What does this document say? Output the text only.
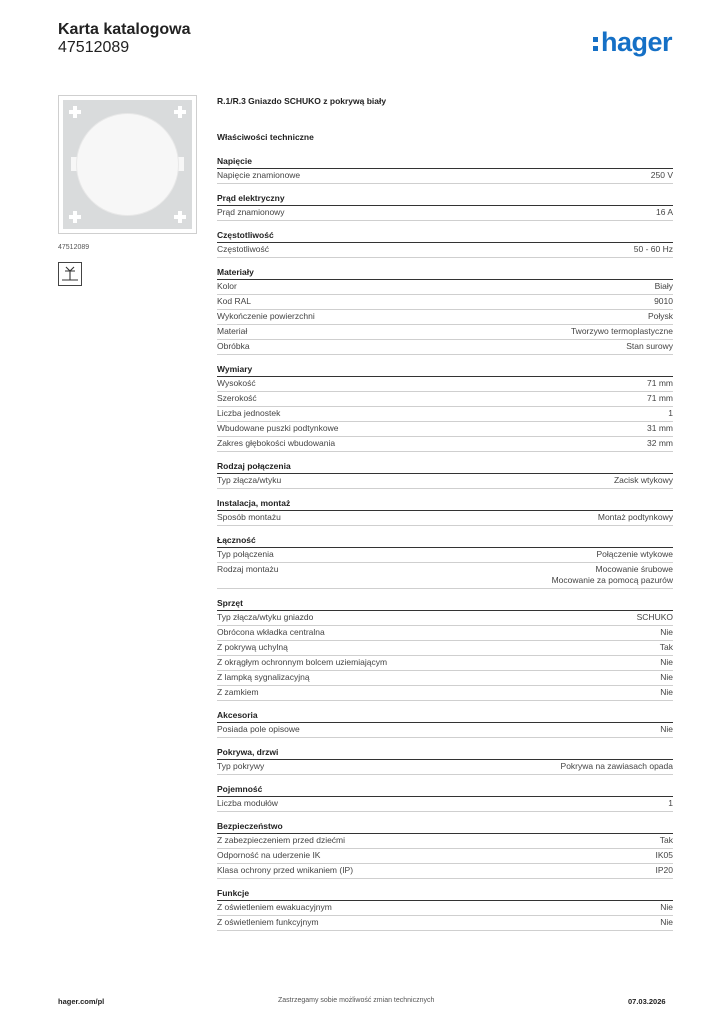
Karta katalogowa
47512089	hager
47512089
R.1/R.3 Gniazdo SCHUKO z pokrywą biały
Właściwości techniczne
Napięcie
Napięcie znamionowe	250 V
Prąd elektryczny
Prąd znamionowy	16 A
Częstotliwość
Częstotliwość	50 - 60 Hz
Materiały
Kolor	Biały
Kod RAL	9010
Wykończenie powierzchni	Połysk
Materiał	Tworzywo termoplastyczne
Obróbka	Stan surowy
Wymiary
Wysokość	71 mm
Szerokość	71 mm
Liczba jednostek	1
Wbudowane puszki podtynkowe	31 mm
Zakres głębokości wbudowania	32 mm
Rodzaj połączenia
Typ złącza/wtyku	Zacisk wtykowy
Instalacja, montaż
Sposób montażu	Montaż podtynkowy
Łączność
Typ połączenia	Połączenie wtykowe
Rodzaj montażu	Mocowanie śrubowe
Mocowanie za pomocą pazurów
Sprzęt
Typ złącza/wtyku gniazdo	SCHUKO
Obrócona wkładka centralna	Nie
Z pokrywą uchylną	Tak
Z okrągłym ochronnym bolcem uziemiającym	Nie
Z lampką sygnalizacyjną	Nie
Z zamkiem	Nie
Akcesoria
Posiada pole opisowe	Nie
Pokrywa, drzwi
Typ pokrywy	Pokrywa na zawiasach opada
Pojemność
Liczba modułów	1
Bezpieczeństwo
Z zabezpieczeniem przed dziećmi	Tak
Odporność na uderzenie IK	IK05
Klasa ochrony przed wnikaniem (IP)	IP20
Funkcje
Z oświetleniem ewakuacyjnym	Nie
Z oświetleniem funkcyjnym	Nie
hager.com/pl	Zastrzegamy sobie możliwość zmian technicznych	07.03.2026
